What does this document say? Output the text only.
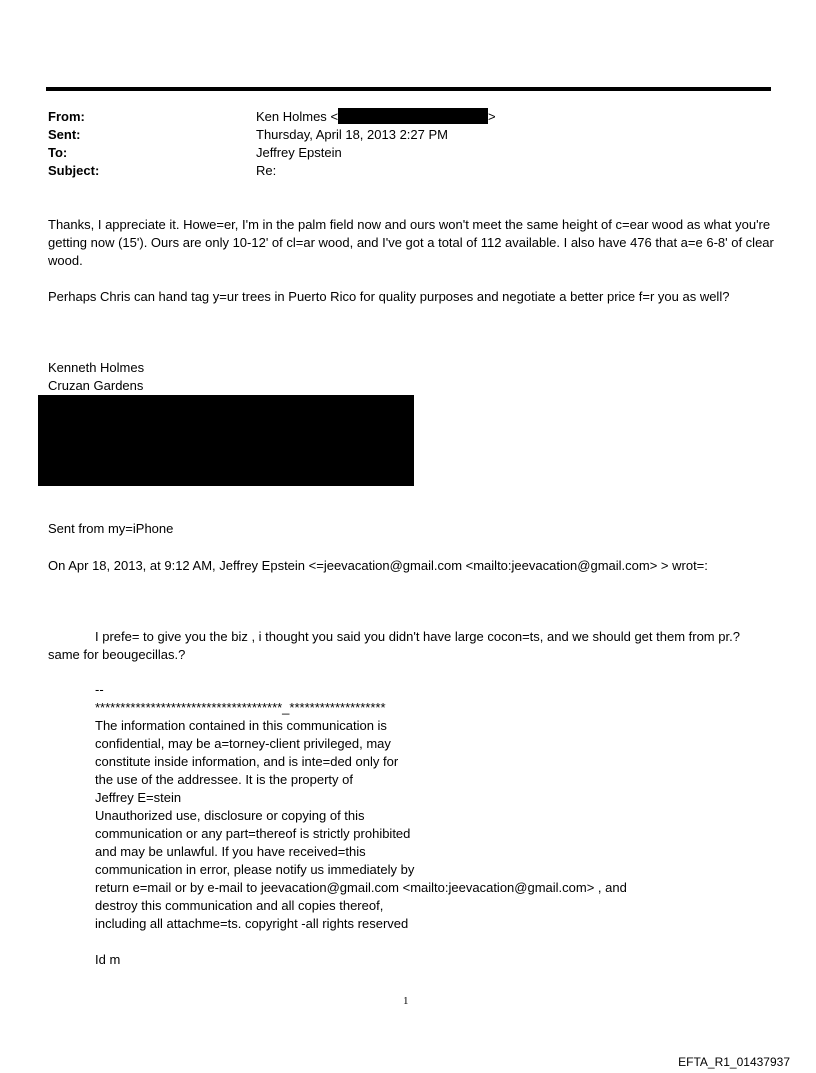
From:	Ken Holmes <	>
Sent:	Thursday, April 18, 2013 2:27 PM
To:	Jeffrey Epstein
Subject:	Re:
Thanks, I appreciate it. Howe=er, I'm in the palm field now and ours won't meet the same height of c=ear wood as what you're getting now (15'). Ours are only 10-12' of cl=ar wood, and I've got a total of 112 available. I also have 476 that a=e 6-8' of clear wood.
Perhaps Chris can hand tag y=ur trees in Puerto Rico for quality purposes and negotiate a better price f=r you as well?
Kenneth Holmes
Cruzan Gardens
Sent from my=iPhone
On Apr 18, 2013, at 9:12 AM, Jeffrey Epstein <=jeevacation@gmail.com <mailto:jeevacation@gmail.com> > wrot=:
I prefe= to give you the biz , i thought you said you didn't have large cocon=ts, and we should get them from pr.? same for beougecillas.?
--
*************************************_*******************
The information contained in this communication is
confidential, may be a=torney-client privileged, may
constitute inside information, and is inte=ded only for
the use of the addressee. It is the property of
Jeffrey E=stein
Unauthorized use, disclosure or copying of this
communication or any part=thereof is strictly prohibited
and may be unlawful. If you have received=this
communication in error, please notify us immediately by
return e=mail or by e-mail to jeevacation@gmail.com <mailto:jeevacation@gmail.com> , and
destroy this communication and all copies thereof,
including all attachme=ts. copyright -all rights reserved
Id m
1
EFTA_R1_01437937
